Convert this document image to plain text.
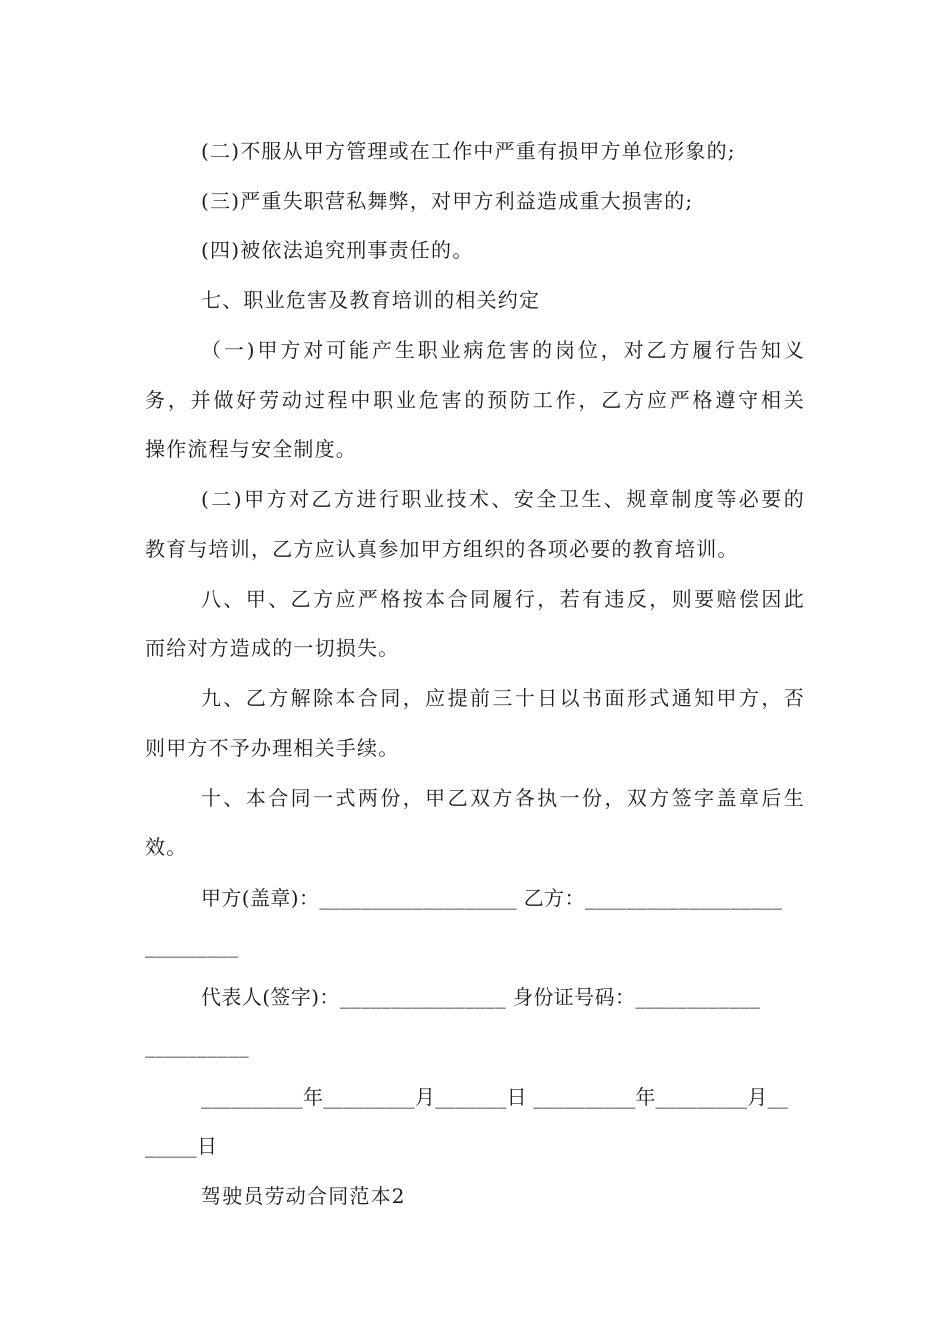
(二)不服从甲方管理或在工作中严重有损甲方单位形象的;
(三)严重失职营私舞弊，对甲方利益造成重大损害的;
(四)被依法追究刑事责任的。
七、职业危害及教育培训的相关约定
（一)甲方对可能产生职业病危害的岗位，对乙方履行告知义
务，并做好劳动过程中职业危害的预防工作，乙方应严格遵守相关
操作流程与安全制度。
(二)甲方对乙方进行职业技术、安全卫生、规章制度等必要的
教育与培训，乙方应认真参加甲方组织的各项必要的教育培训。
八、甲、乙方应严格按本合同履行，若有违反，则要赔偿因此
而给对方造成的一切损失。
九、乙方解除本合同，应提前三十日以书面形式通知甲方，否
则甲方不予办理相关手续。
十、本合同一式两份，甲乙双方各执一份，双方签字盖章后生
效。
甲方(盖章)：___________________ 乙方：___________________
_________
代表人(签字)：________________ 身份证号码：____________
__________
__________年_________月_______日 __________年_________月__
_____日
驾驶员劳动合同范本2
